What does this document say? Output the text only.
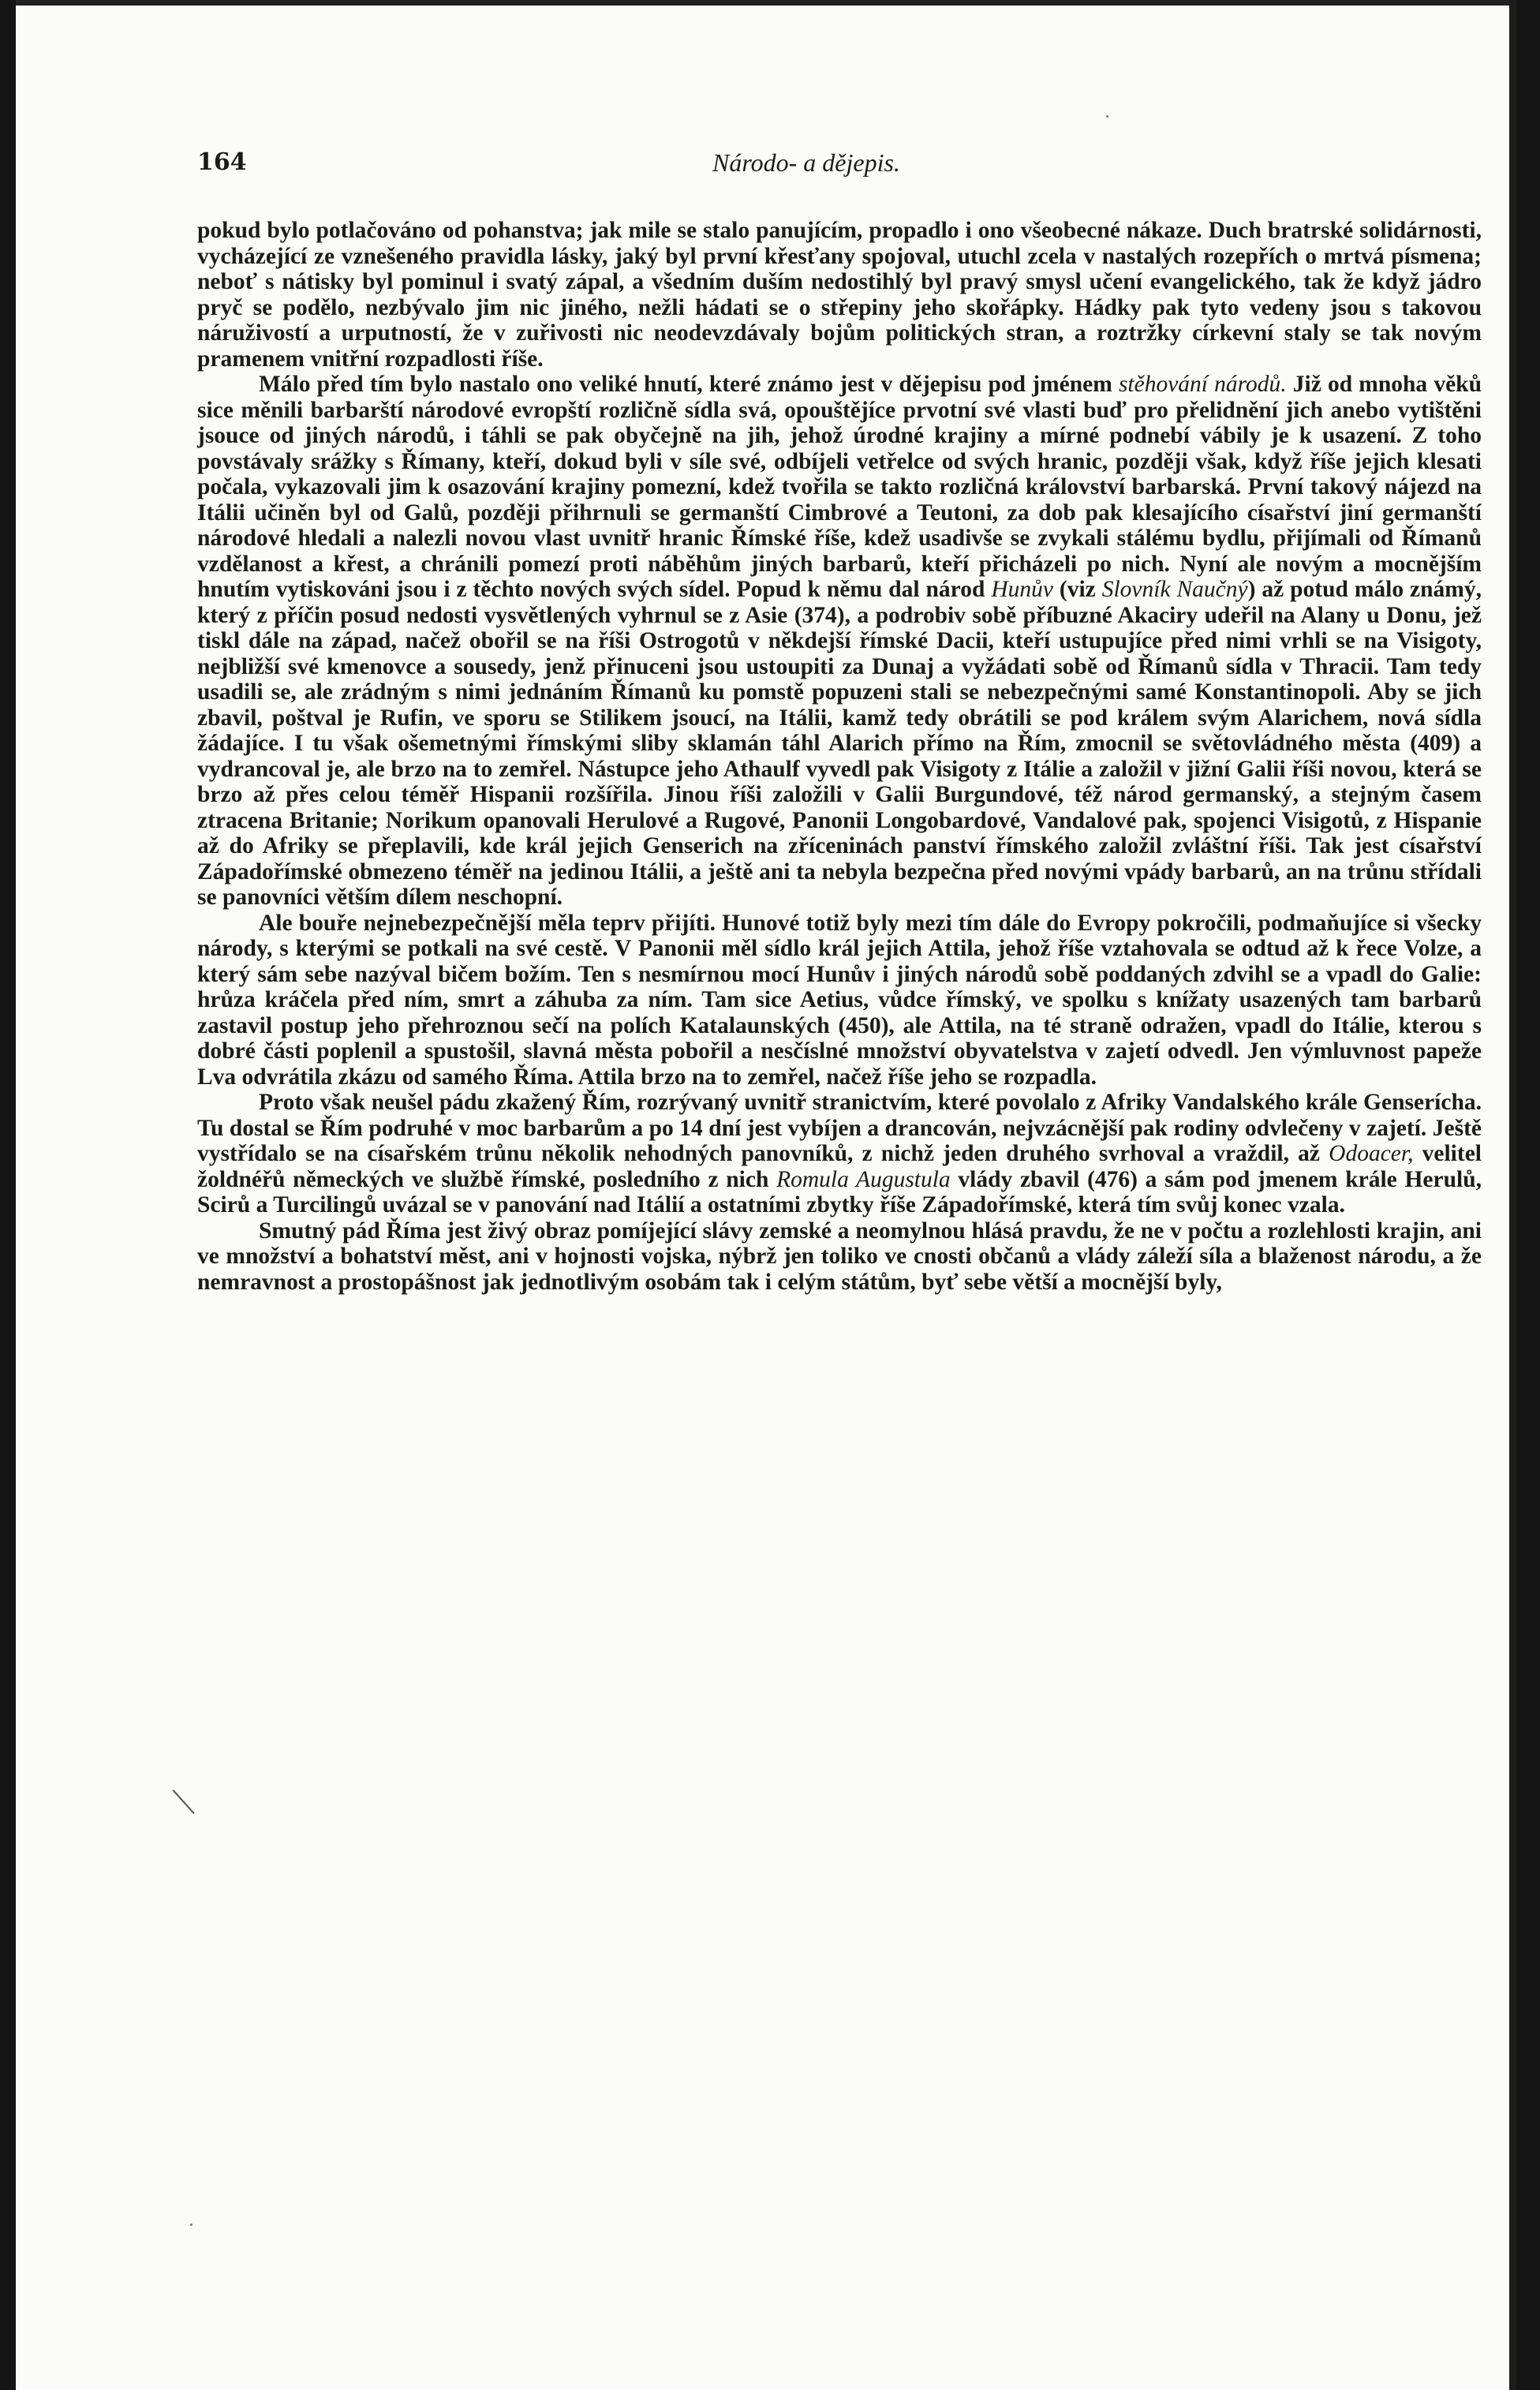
164	Národo- a dějepis.

pokud bylo potlačováno od pohanstva; jak mile se stalo panujícím, propadlo i ono všeobecné nákaze. Duch bratrské solidárnosti, vycházející ze vznešeného pravidla lásky, jaký byl první křesťany spojoval, utuchl zcela v nastalých rozepřích o mrtvá písmena; neboť s nátisky byl pominul i svatý zápal, a všedním duším nedostihlý byl pravý smysl učení evangelického, tak že když jádro pryč se podělo, nezbývalo jim nic jiného, nežli hádati se o střepiny jeho skořápky. Hádky pak tyto vedeny jsou s takovou náruživostí a urputností, že v zuřivosti nic neodevzdávaly bojům politických stran, a roztržky církevní staly se tak novým pramenem vnitřní rozpadlosti říše.

Málo před tím bylo nastalo ono veliké hnutí, které známo jest v dějepisu pod jménem stěhování národů. Již od mnoha věků sice měnili barbarští národové evropští rozličně sídla svá, opouštějíce prvotní své vlasti buď pro přelidnění jich anebo vytištěni jsouce od jiných národů, i táhli se pak obyčejně na jih, jehož úrodné krajiny a mírné podnebí vábily je k usazení. Z toho povstávaly srážky s Římany, kteří, dokud byli v síle své, odbíjeli vetřelce od svých hranic, později však, když říše jejich klesati počala, vykazovali jim k osazování krajiny pomezní, kdež tvořila se takto rozličná království barbarská. První takový nájezd na Itálii učiněn byl od Galů, později přihrnuli se germanští Cimbrové a Teutoni, za dob pak klesajícího císařství jiní germanští národové hledali a nalezli novou vlast uvnitř hranic Římské říše, kdež usadivše se zvykali stálému bydlu, přijímali od Římanů vzdělanost a křest, a chránili pomezí proti náběhům jiných barbarů, kteří přicházeli po nich. Nyní ale novým a mocnějším hnutím vytiskováni jsou i z těchto nových svých sídel. Popud k němu dal národ Hunův (viz Slovník Naučný) až potud málo známý, který z příčin posud nedosti vysvětlených vyhrnul se z Asie (374), a podrobiv sobě příbuzné Akaciry udeřil na Alany u Donu, jež tiskl dále na západ, načež obořil se na říši Ostrogotů v někdejší římské Dacii, kteří ustupujíce před nimi vrhli se na Visigoty, nejbližší své kmenovce a sousedy, jenž přinuceni jsou ustoupiti za Dunaj a vyžádati sobě od Římanů sídla v Thracii. Tam tedy usadili se, ale zrádným s nimi jednáním Římanů ku pomstě popuzeni stali se nebezpečnými samé Konstantinopoli. Aby se jich zbavil, poštval je Rufin, ve sporu se Stilikem jsoucí, na Itálii, kamž tedy obrátili se pod králem svým Alarichem, nová sídla žádajíce. I tu však ošemetnými římskými sliby sklamán táhl Alarich přímo na Řím, zmocnil se světovládného města (409) a vydrancoval je, ale brzo na to zemřel. Nástupce jeho Athaulf vyvedl pak Visigoty z Itálie a založil v jižní Galii říši novou, která se brzo až přes celou téměř Hispanii rozšířila. Jinou říši založili v Galii Burgundové, též národ germanský, a stejným časem ztracena Britanie; Norikum opanovali Herulové a Rugové, Panonii Longobardové, Vandalové pak, spojenci Visigotů, z Hispanie až do Afriky se přeplavili, kde král jejich Genserich na zříceninách panství římského založil zvláštní říši. Tak jest císařství Západořímské obmezeno téměř na jedinou Itálii, a ještě ani ta nebyla bezpečna před novými vpády barbarů, an na trůnu střídali se panovníci větším dílem neschopní.

Ale bouře nejnebezpečnější měla teprv přijíti. Hunové totiž byly mezi tím dále do Evropy pokročili, podmaňujíce si všecky národy, s kterými se potkali na své cestě. V Panonii měl sídlo král jejich Attila, jehož říše vztahovala se odtud až k řece Volze, a který sám sebe nazýval bičem božím. Ten s nesmírnou mocí Hunův i jiných národů sobě poddaných zdvihl se a vpadl do Galie: hrůza kráčela před ním, smrt a záhuba za ním. Tam sice Aetius, vůdce římský, ve spolku s knížaty usazených tam barbarů zastavil postup jeho přehroznou sečí na polích Katalaunských (450), ale Attila, na té straně odražen, vpadl do Itálie, kterou s dobré části poplenil a spustošil, slavná města pobořil a nesčíslné množství obyvatelstva v zajetí odvedl. Jen výmluvnost papeže Lva odvrátila zkázu od samého Říma. Attila brzo na to zemřel, načež říše jeho se rozpadla.

Proto však neušel pádu zkažený Řím, rozrývaný uvnitř stranictvím, které povolalo z Afriky Vandalského krále Genserícha. Tu dostal se Řím podruhé v moc barbarům a po 14 dní jest vybíjen a drancován, nejvzácnější pak rodiny odvlečeny v zajetí. Ještě vystřídalo se na císařském trůnu několik nehodných panovníků, z nichž jeden druhého svrhoval a vraždil, až Odoacer, velitel žoldnéřů německých ve službě římské, posledního z nich Romula Augustula vlády zbavil (476) a sám pod jmenem krále Herulů, Scirů a Turcilingů uvázal se v panování nad Itálií a ostatními zbytky říše Západořímské, která tím svůj konec vzala.

Smutný pád Říma jest živý obraz pomíjející slávy zemské a neomylnou hlásá pravdu, že ne v počtu a rozlehlosti krajin, ani ve množství a bohatství měst, ani v hojnosti vojska, nýbrž jen toliko ve cnosti občanů a vlády záleží síla a blaženost národu, a že nemravnost a prostopášnost jak jednotlivým osobám tak i celým státům, byť sebe větší a mocnější byly,
